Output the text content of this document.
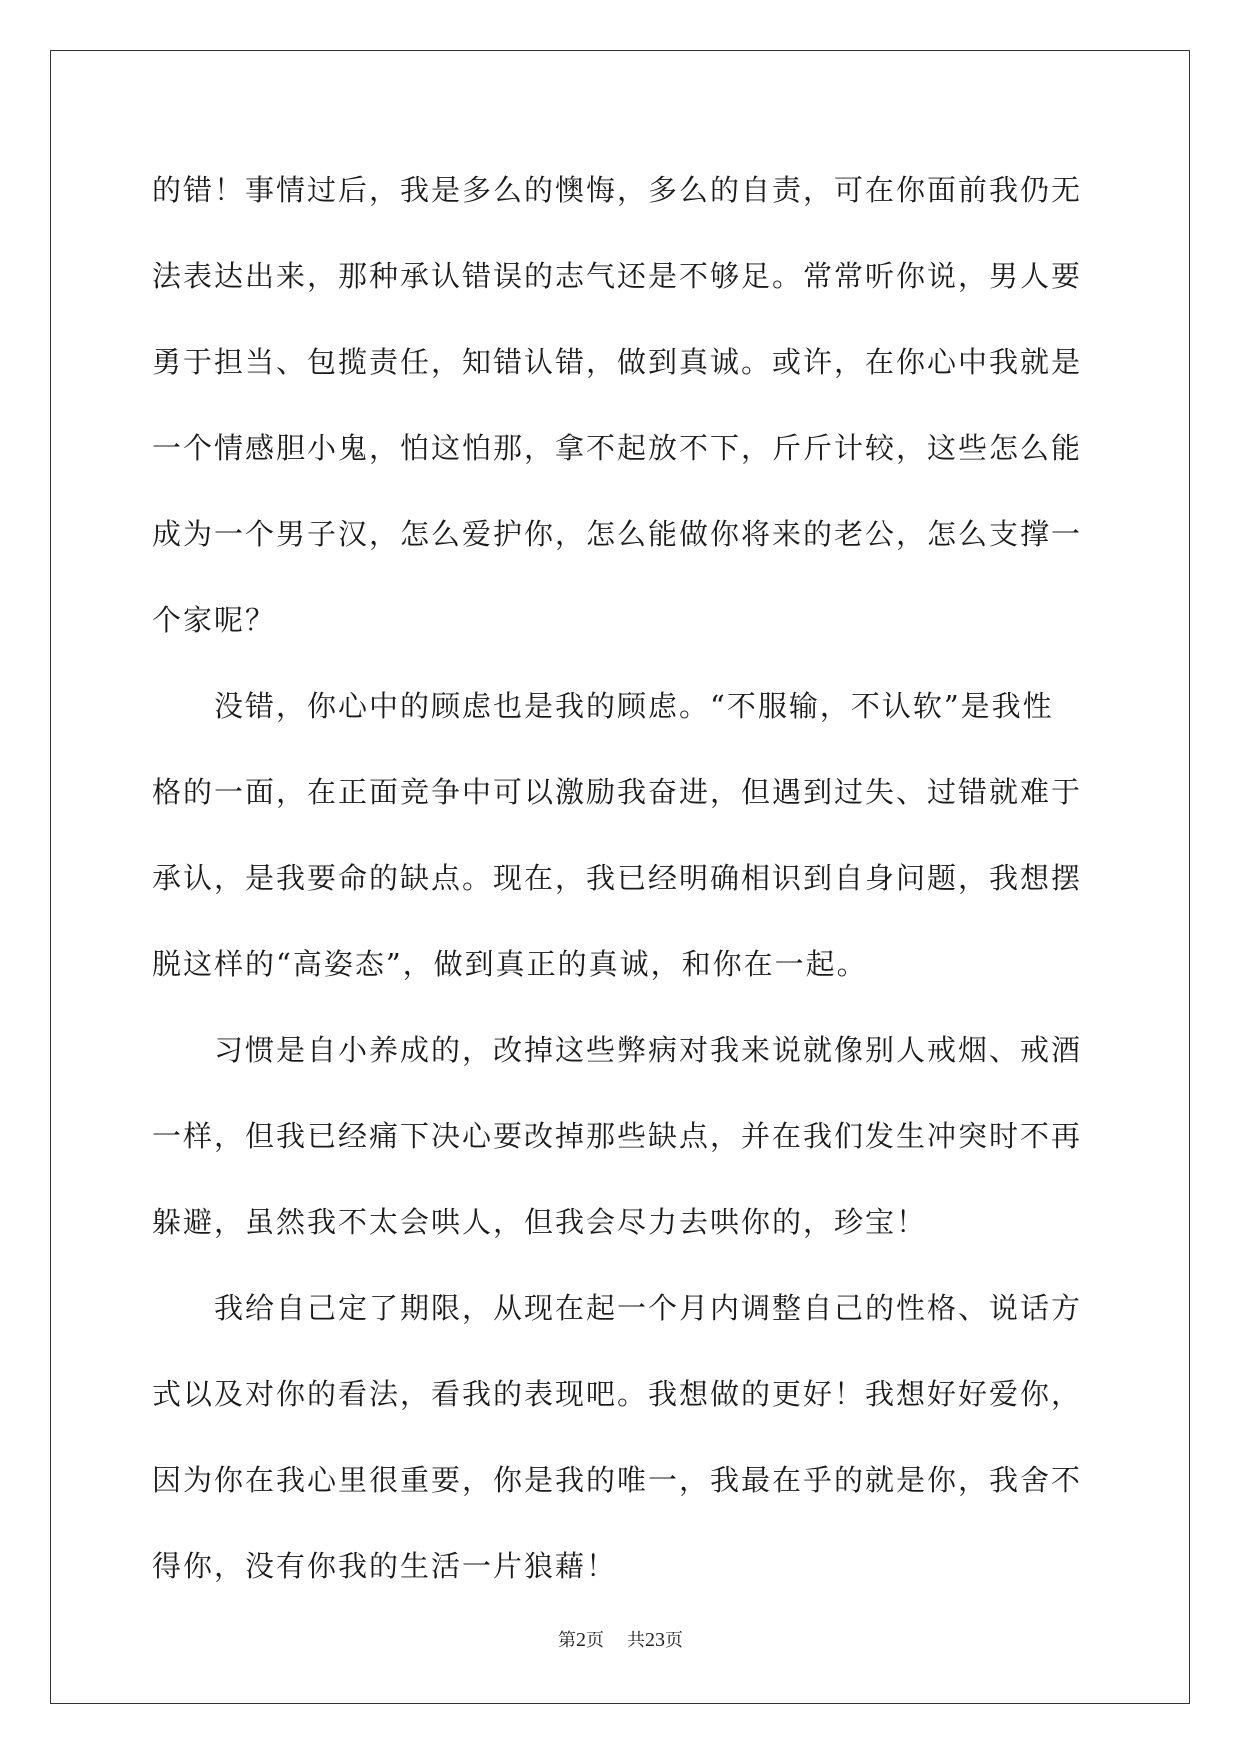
的错！事情过后，我是多么的懊悔，多么的自责，可在你面前我仍无
法表达出来，那种承认错误的志气还是不够足。常常听你说，男人要
勇于担当、包揽责任，知错认错，做到真诚。或许，在你心中我就是
一个情感胆小鬼，怕这怕那，拿不起放不下，斤斤计较，这些怎么能
成为一个男子汉，怎么爱护你，怎么能做你将来的老公，怎么支撑一
个家呢？
没错，你心中的顾虑也是我的顾虑。“不服输，不认软”是我性
格的一面，在正面竞争中可以激励我奋进，但遇到过失、过错就难于
承认，是我要命的缺点。现在，我已经明确相识到自身问题，我想摆
脱这样的“高姿态”，做到真正的真诚，和你在一起。
习惯是自小养成的，改掉这些弊病对我来说就像别人戒烟、戒酒
一样，但我已经痛下决心要改掉那些缺点，并在我们发生冲突时不再
躲避，虽然我不太会哄人，但我会尽力去哄你的，珍宝！
我给自己定了期限，从现在起一个月内调整自己的性格、说话方
式以及对你的看法，看我的表现吧。我想做的更好！我想好好爱你，
因为你在我心里很重要，你是我的唯一，我最在乎的就是你，我舍不
得你，没有你我的生活一片狼藉！
第2页 共23页
